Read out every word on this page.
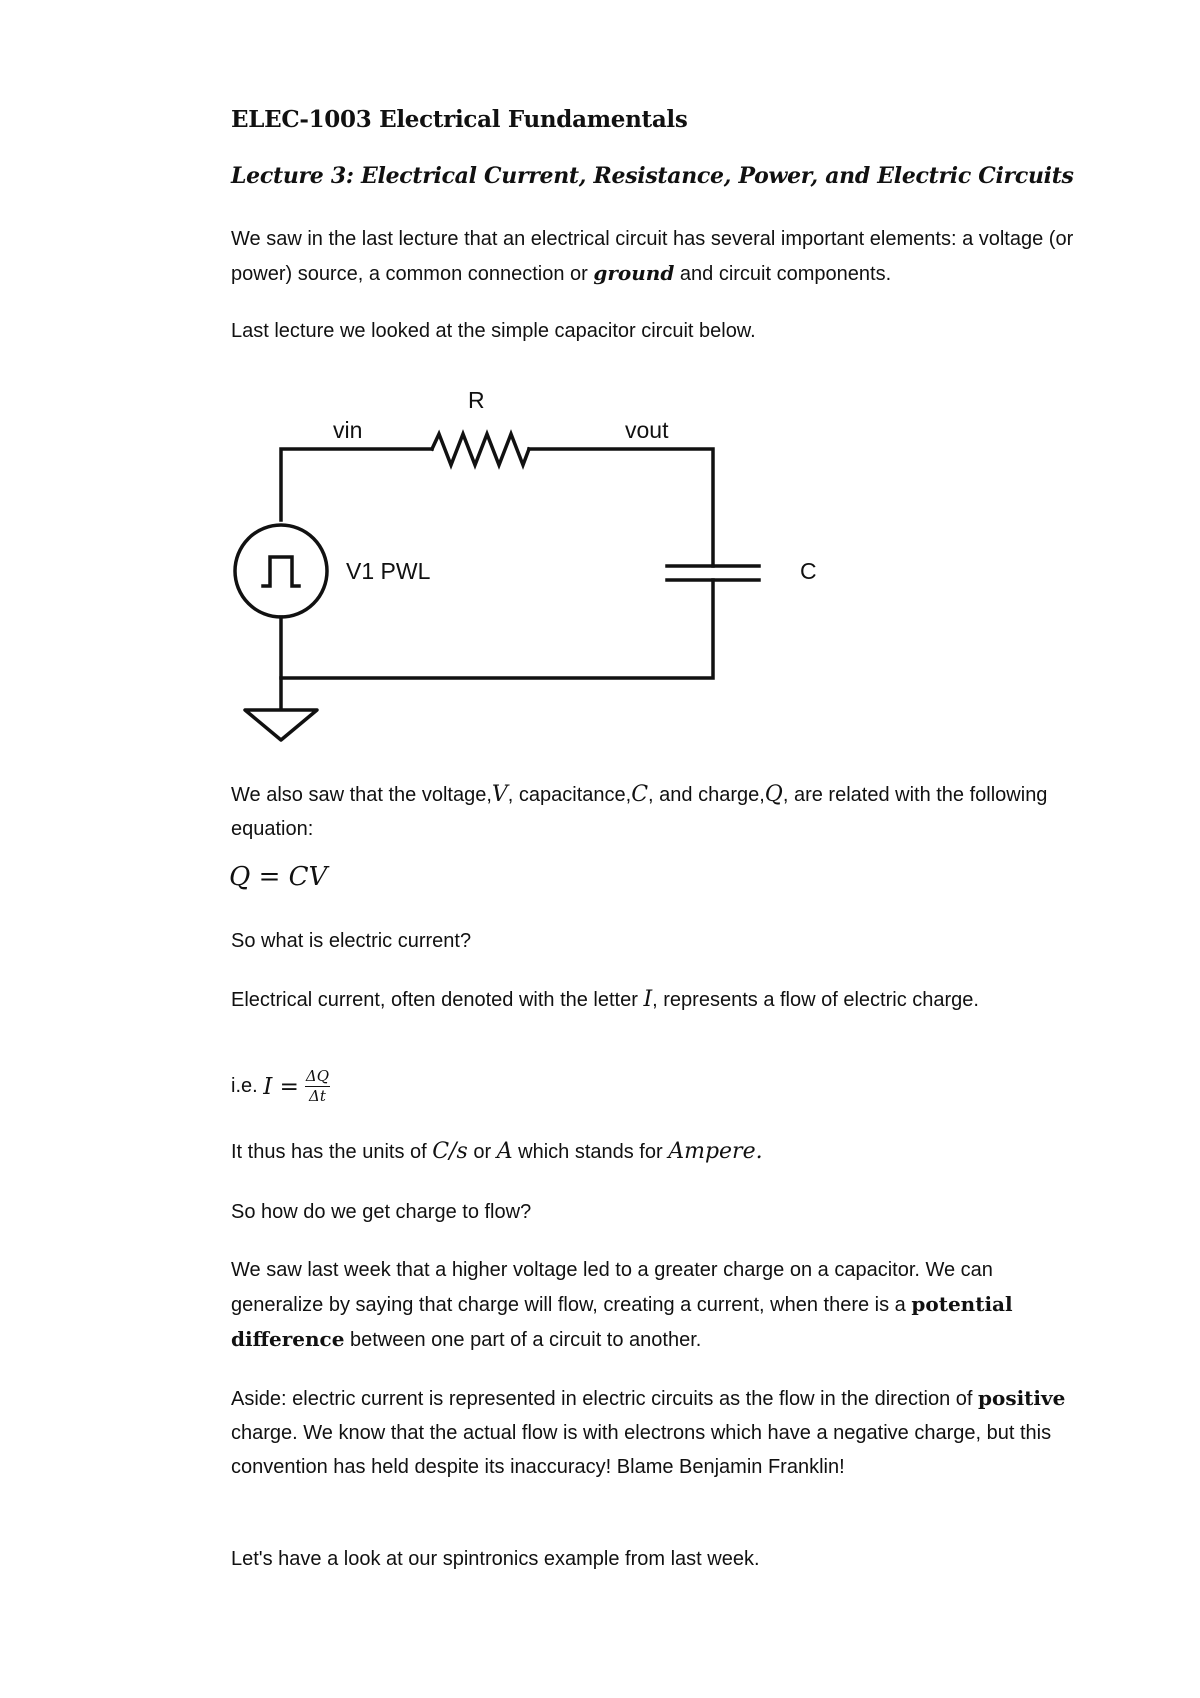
ELEC-1003 Electrical Fundamentals
Lecture 3: Electrical Current, Resistance, Power, and Electric Circuits
We saw in the last lecture that an electrical circuit has several important elements: a voltage (or power) source, a common connection or ground and circuit components.
Last lecture we looked at the simple capacitor circuit below.
R
vin	vout
V1 PWL	C
We also saw that the voltage,V, capacitance,C, and charge,Q, are related with the following equation:
Q = CV
So what is electric current?
Electrical current, often denoted with the letter I, represents a flow of electric charge.
i.e. $I = \frac{\Delta Q}{\Delta t}$
It thus has the units of C/s or A which stands for Ampere.
So how do we get charge to flow?
We saw last week that a higher voltage led to a greater charge on a capacitor. We can generalize by saying that charge will flow, creating a current, when there is a potential difference between one part of a circuit to another.
Aside: electric current is represented in electric circuits as the flow in the direction of positive charge. We know that the actual flow is with electrons which have a negative charge, but this convention has held despite its inaccuracy! Blame Benjamin Franklin!
Let's have a look at our spintronics example from last week.
